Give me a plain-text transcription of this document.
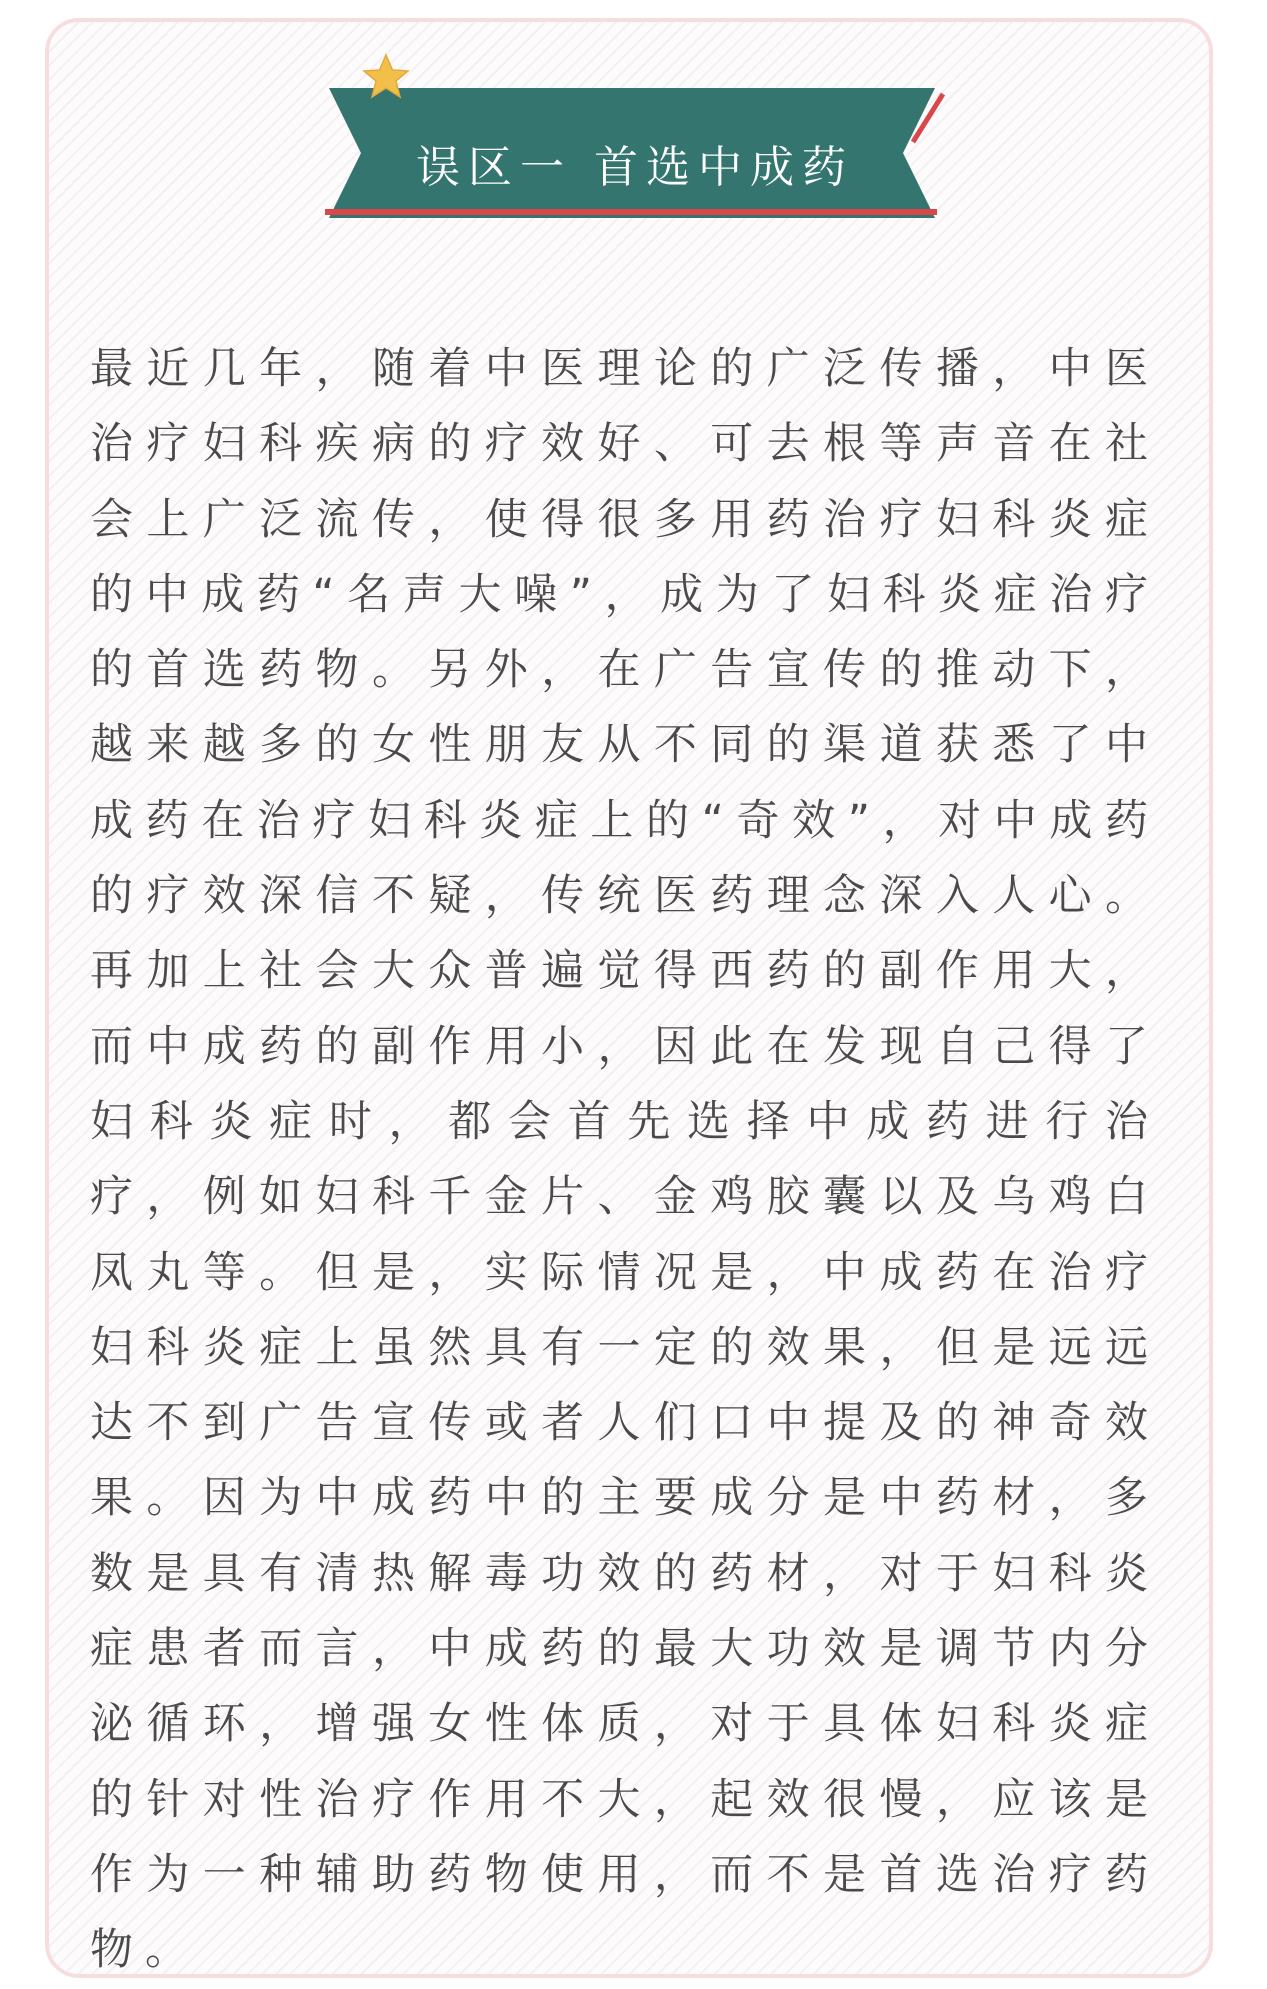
误区一 首选中成药

最近几年，随着中医理论的广泛传播，中医治疗妇科疾病的疗效好、可去根等声音在社会上广泛流传，使得很多用药治疗妇科炎症的中成药“名声大噪”，成为了妇科炎症治疗的首选药物。另外，在广告宣传的推动下，越来越多的女性朋友从不同的渠道获悉了中成药在治疗妇科炎症上的“奇效”，对中成药的疗效深信不疑，传统医药理念深入人心。再加上社会大众普遍觉得西药的副作用大，而中成药的副作用小，因此在发现自己得了妇科炎症时，都会首先选择中成药进行治疗，例如妇科千金片、金鸡胶囊以及乌鸡白凤丸等。但是，实际情况是，中成药在治疗妇科炎症上虽然具有一定的效果，但是远远达不到广告宣传或者人们口中提及的神奇效果。因为中成药中的主要成分是中药材，多数是具有清热解毒功效的药材，对于妇科炎症患者而言，中成药的最大功效是调节内分泌循环，增强女性体质，对于具体妇科炎症的针对性治疗作用不大，起效很慢，应该是作为一种辅助药物使用，而不是首选治疗药物。
